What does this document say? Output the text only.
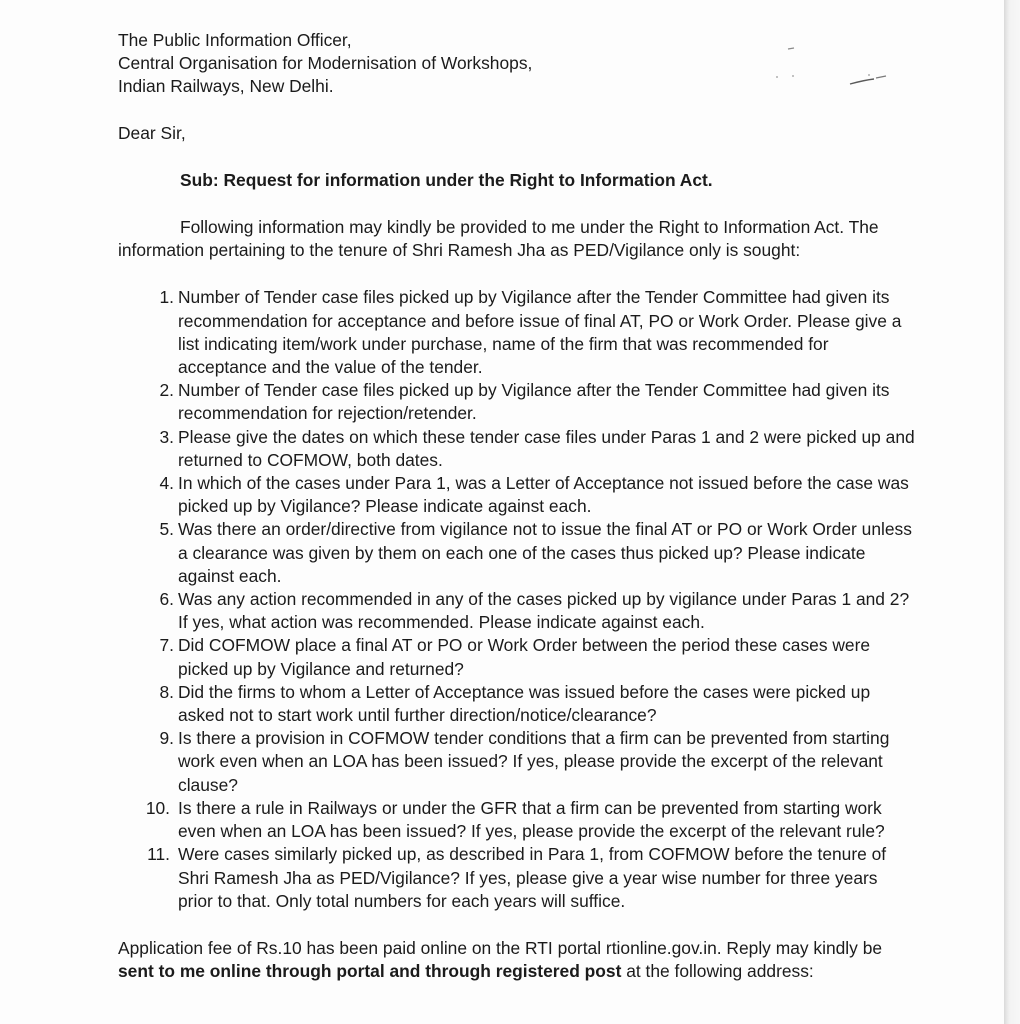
The Public Information Officer,

Central Organisation for Modernisation of Workshops,

Indian Railways, New Delhi.

Dear Sir,

Sub: Request for information under the Right to Information Act.

Following information may kindly be provided to me under the Right to Information Act. The information pertaining to the tenure of Shri Ramesh Jha as PED/Vigilance only is sought:

1. Number of Tender case files picked up by Vigilance after the Tender Committee had given its recommendation for acceptance and before issue of final AT, PO or Work Order. Please give a list indicating item/work under purchase, name of the firm that was recommended for acceptance and the value of the tender.
2. Number of Tender case files picked up by Vigilance after the Tender Committee had given its recommendation for rejection/retender.
3. Please give the dates on which these tender case files under Paras 1 and 2 were picked up and returned to COFMOW, both dates.
4. In which of the cases under Para 1, was a Letter of Acceptance not issued before the case was picked up by Vigilance? Please indicate against each.
5. Was there an order/directive from vigilance not to issue the final AT or PO or Work Order unless a clearance was given by them on each one of the cases thus picked up? Please indicate against each.
6. Was any action recommended in any of the cases picked up by vigilance under Paras 1 and 2? If yes, what action was recommended. Please indicate against each.
7. Did COFMOW place a final AT or PO or Work Order between the period these cases were picked up by Vigilance and returned?
8. Did the firms to whom a Letter of Acceptance was issued before the cases were picked up asked not to start work until further direction/notice/clearance?
9. Is there a provision in COFMOW tender conditions that a firm can be prevented from starting work even when an LOA has been issued? If yes, please provide the excerpt of the relevant clause?
10. Is there a rule in Railways or under the GFR that a firm can be prevented from starting work even when an LOA has been issued? If yes, please provide the excerpt of the relevant rule?
11. Were cases similarly picked up, as described in Para 1, from COFMOW before the tenure of Shri Ramesh Jha as PED/Vigilance? If yes, please give a year wise number for three years prior to that. Only total numbers for each years will suffice.

Application fee of Rs.10 has been paid online on the RTI portal rtionline.gov.in. Reply may kindly be sent to me online through portal and through registered post at the following address:
